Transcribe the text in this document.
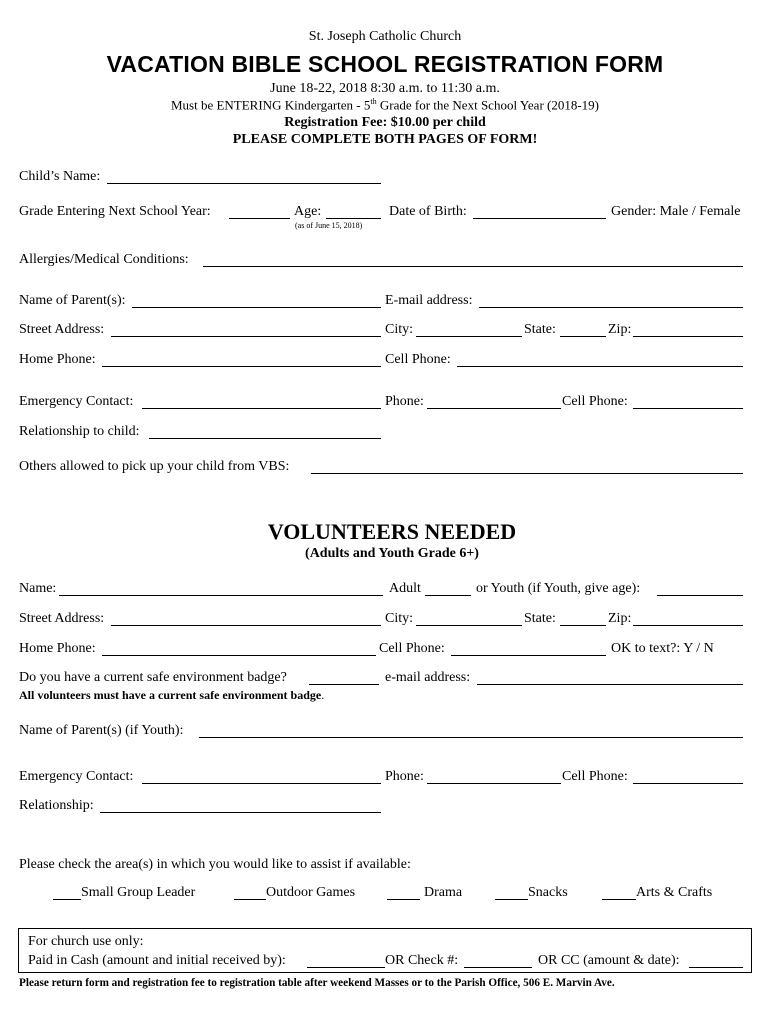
St. Joseph Catholic Church
VACATION BIBLE SCHOOL REGISTRATION FORM
June 18-22, 2018 8:30 a.m. to 11:30 a.m.
Must be ENTERING Kindergarten - 5th Grade for the Next School Year (2018-19)
Registration Fee: $10.00 per child
PLEASE COMPLETE BOTH PAGES OF FORM!
Child’s Name:
Grade Entering Next School Year:	Age:
(as of June 15, 2018)
Date of Birth:	Gender: Male / Female
Allergies/Medical Conditions:
Name of Parent(s):	E-mail address:
Street Address:	City:	State:	Zip:
Home Phone:	Cell Phone:
Emergency Contact:	Phone:	Cell Phone:
Relationship to child:
Others allowed to pick up your child from VBS:
VOLUNTEERS NEEDED
(Adults and Youth Grade 6+)
Name:	Adult	or Youth (if Youth, give age):
Street Address:	City:	State:	Zip:
Home Phone:	Cell Phone:	OK to text?: Y / N
Do you have a current safe environment badge?	e-mail address:
All volunteers must have a current safe environment badge.
Name of Parent(s) (if Youth):
Emergency Contact:	Phone:	Cell Phone:
Relationship:
Please check the area(s) in which you would like to assist if available:
Small Group Leader	Outdoor Games	Drama	Snacks	Arts & Crafts
For church use only:
Paid in Cash (amount and initial received by):	OR Check #:	OR CC (amount & date):
Please return form and registration fee to registration table after weekend Masses or to the Parish Office, 506 E. Marvin Ave.
